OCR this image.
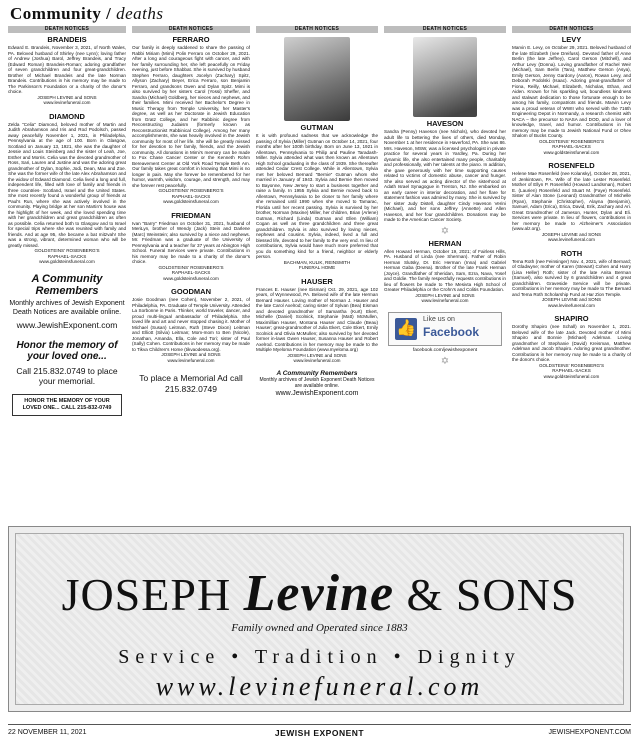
Community / deaths
DEATH NOTICES
BRANDEIS
Edward E. Brandeis, November 3, 2021, of North Wales, PA. Beloved husband of Shirley (nee Lynn); loving father of Andrew (Joshua) Barol, Jeffrey Brandeis, and Tracy (Edward Roman) Brandeis-Roman; adoring grandfather of seven grandchildren and four great-grandchildren. Brother of Michael Brandeis and the late Norman Brandeis. Contributions in his memory may be made to The Parkinson's Foundation or a charity of the donor's choice.
JOSEPH LEVINE and SONS
www.levinefuneral.com
DIAMOND
Zelda "Celia" Diamond, beloved mother of Martin and Judith Abrahamson and Iris and Rod Podolsch, passed away peacefully November 1, 2021, in Philadelphia, Pennsylvania at the age of 100. Born in Glasgow, Scotland on January 13, 1921, she was the daughter of Jessie and Louis Steinberg and the sister of Leah, Joe, Esther and Morris. Celia was the devoted grandmother of Ross, Sari, Lauren and Justine and was the adoring great grandmother of Dylan, Sophie, Jodi, Dean, Max and Zoe. She was the former wife of the late Alex Abrahamson and the widow of Edward Diamond. Celia lived a long and full, independent life, filled with love of family and friends in three countries- Scotland, Israel and the United States. She most recently found a wonderful group of friends at Paul's Run, where she was actively involved in the community. Playing bridge at her son Martin's house was the highlight of her week, and she loved spending time with her grandchildren and great grandchildren as often as possible. Celia returned both to Glasgow and to Israel for special trips where she was reunited with family and friends. And at age 95, she became a bat mitzvah! She was a strong, vibrant, determined woman who will be greatly missed.
GOLDSTEINS' ROSENBERG'S
RAPHAEL-SACKS
www.goldsteinsfuneral.com
A Community Remembers
Monthly archives of Jewish Exponent Death Notices are available online.
www.JewishExponent.com
Honor the memory of your loved one...
Call 215.832.0749 to place your memorial.
HONOR THE MEMORY OF YOUR LOVED ONE... CALL 215-832-0749
DEATH NOTICES
FERRARO
Our family is deeply saddened to share the passing of Rabbi Miriam (Mimi) Polin Ferraro on October 29, 2021. After a long and courageous fight with cancer, and with her family surrounding her, she left peacefully on Friday evening, just before Shabbat. She is survived by husband Stephen Ferraro, daughters Jocelyn (Zachary) Spitz, Allyson (Zachary) Beyer, Erica Ferraro, son Benjamin Ferraro, and grandsons Owen and Dylan Spitz. Mimi is also survived by her sisters Carol (Yossi) Sheffer, and Sandra (Michael) Goldberg, her nieces and nephews, and their families. Mimi received her Bachelor's Degree in Music Therapy from Temple University, her Master's degree, as well as her Doctorate in Jewish Education from Gratz College, and her Rabbinic degree from Reconstructing Judaism (formerly known as Reconstructionist Rabbinical College). Among her many accomplishments, she was heavily involved in the Jewish community for most of her life. She will be greatly missed for her devotion to her family, friends, and the Jewish community. All donations in Mimi's memory can be made to Fox Chase Cancer Center or the Kenneth Rohm Bereavement Center at Old York Road Temple Beth Am. Our family takes great comfort in knowing that Mimi is no longer in pain. May she forever be remembered for her humor, warmth, wisdom, courage, and strength, and may she forever rest peacefully.
GOLDSTEINS' ROSENBERG'S
RAPHAEL-SACKS
www.goldsteinsfuneral.com
FRIEDMAN
Ivan "Barry" Friedman on October 31, 2021, husband of MeriLyn, brother of Wendy (Jack) Stein and Darlene (Marc) Weinstein; also survived by a niece and nephews. Mr. Friedman was a graduate of the University of Pennsylvania and a teacher for 37 years at Abington High School. Funeral Services were private. Contributions in his memory may be made to a charity of the donor's choice.
GOLDSTEINS' ROSENBERG'S
RAPHAEL-SACKS
www.goldsteinsfuneral.com
GOODMAN
Josie Goodman (nee Cohen), November 2, 2021, of Philadelphia, PA. Graduate of Temple University. Attended La Sorbonne in Paris. Thinker, world traveler, dancer, and proud multi-lingual ambassador of Philadelphia. She loved life and art and never stopped chasing it. Mother of Michael (Susan) Leitman, Ruth (Steve Dixon) Leitman and Elliott (Silvia) Leitman; Mom-mom to Ben (Nicole), Jonathan, Amanda, Ella, Cole and Tori; sister of Paul (Sally) Cohen. Contributions in her memory may be made to Tikva Children's Home (tikvaodessa.org).
JOSEPH LEVINE and SONS
www.levinefuneral.com
To place a Memorial Ad call 215.832.0749
DEATH NOTICES
GUTMAN
It is with profound sadness that we acknowledge the passing of Sylvia (Miller) Gutman on October 14, 2021, four months after her 100th birthday. Born on June 13, 1921 in Allentown, Pennsylvania to Philip and Pauline Taradash-Miller. Sylvia attended what was then known as Allentown High School graduating in the class of 1939. She thereafter attended Cedar Crest College. While in Allentown, Sylvia met her beloved Bernard "Bernie" Gutman whom she married in January of 1943. Sylvia and Bernie then moved to Bayonne, New Jersey to start a business together and raise a family. In 1955 Sylvia and Bernie moved back to Allentown, Pennsylvania to be closer to her family where she remained until 1990 when she moved to Tamarac, Florida until her recent passing. Sylvia is survived by her brother, Norman (Maxine) Miller, her children, Brian (Arlene) Gutman, Richard (Linda) Gutman and Ellen (William) Cogan as well as three grandchildren and three great grandchildren. Sylvia is also survived by loving nieces, nephews and cousins. Sylvia, indeed, lived a full and blessed life, devoted to her family to the very end. In lieu of contributions, Sylvia would have much more preferred that you do something kind for a friend, neighbor or elderly person.
BACHMAN, KULIK, REINSMITH
FUNERAL HOME
HAUSER
Frances E. Hauser (nee Eisman) Oct. 29, 2021, age 102 years, of Wynnewood, PA. Beloved wife of the late Herman Bernard Hauser. Loving mother of Norman J. Hauser and the late Carol Axelrod; caring sister of Sylvan (Bea) Eisman and devoted grandmother of Samantha (Kurt) Ekert, Michelle (Daniel) Scolnick, Stephanie (Matt) McMullen, Maximillian Hauser, Montana Hauser and Claude (Beau) Hauser; great-grandmother of Julia Ekert, Cole Ekert, Emily Scolnick and Olivia McMullen; also survived by her devoted former in-laws Gwen Hauser, Susanna Hauser and Robert Axelrod. Contributions in her memory may be made to the Multiple Myeloma Foundation (www.myeloma.org)
JOSEPH LEVINE and SONS
www.levinefuneral.com
A Community Remembers
Monthly archives of Jewish Exponent Death Notices are available online.
www.JewishExponent.com
DEATH NOTICES
HAVESON
Sandra (Penny) Haveson (nee Nichols), who devoted her adult life to bettering the lives of others, died Monday, November 1 at her residence in Haverford, PA. She was 86. Mrs. Haveson, MSW, was a licensed psychologist in private practice for several years in Yardley, Pa. During her dynamic life, she also entertained many people, charitably and professionally, with her talents at the piano. In addition, she gave generously with her time supporting causes related to victims of domestic abuse, cancer and hunger. She also served as acting director of the sisterhood at Adath Israel Synagogue in Trenton, NJ. She embarked on an early career in interior decoration, and her flare for statement fashion was admired by many. She is survived by her sister Judy Distell, daughter Cindy Haveson Verini (Michael), and her sons Jeffrey (Annette) and Allen Haveson, and her four grandchildren. Donations may be made to the American Cancer Society.
✡
HERMAN
Allen Howard Herman, October 19, 2021; of Fairless Hills, PA. Husband of Linda (nee Sherman). Father of Robin Herman Slutsky, Dr. Eric Herman (Inna) and Gabriel Herman Gaba (Deena). Brother of the late Frank Herman (Joyce). Grandfather of Sheridan, Sam, Ezra, Nava, Yosef and Goldie. The family respectfully requests contributions in lieu of flowers be made to The Mesivta High School of Greater Philadelphia or the Crohn's and Colitis Foundation.
JOSEPH LEVINE and SONS
www.levinefuneral.com
👍
Like us on
Facebook
facebook.com/jewishexponent
✡
DEATH NOTICES
LEVY
Marvin E. Levy, on October 29, 2021. Beloved husband of the late Elizabeth (nee Dreifuss). Devoted father of Anne Berlin (the late Jeffrey), Carol Gerson (Mitchell), and Arthur Levy (Donna). Loving grandfather of Rachel Weir (Michael), Sam Berlin (Tara), Matthew Gerson (Asya), Emily Gerson, Jenny Gardony (Aaron), Rowan Levy, and Deborah Podolski (Isaac). Adoring great-grandfather of Fiona, Reilly, Michael, Elizabeth, Nicholas, Ethan, and Aiden. Known for his sparkling wit, boundless kindness and stalwart dedication to those fortunate enough to be among his family, compatriots and friends. Marvin Levy was a proud veteran of WWII who served with the 716th Engineering Depot in Normandy, a research chemist with NACA – the precursor to NASA and DOD, and a lover of knowledge, travel, and humor. Contributions in his memory may be made to Jewish National Fund or Ohev Shalom of Bucks County.
GOLDSTEINS' ROSENBERG'S
RAPHAEL-SACKS
www.goldsteinsfuneral.com
ROSENFELD
Helene Mae Rosenfeld (nee Kolansky), October 28, 2021, of Jenkintown, PA. Wife of the late Lester Rosenfeld. Mother of Ellyn P. Rosenfeld (Howard Landsman), Robert E. (Laurien) Rosenfeld and Stuart M. (Faye) Rosenfeld. Sister of Alan Stone (Leonard) Grandmother of Michelle (Ryan), Stephanie (Christopher), Alayna (Benjamin), Samuel, Adam (Erica), Erica, David, Erik, Zachary and Ari. Great Grandmother of Jameson, Hunter, Dylan and Eli. Services were private. In lieu of flowers, contributions in her memory be made to Alzheimer's Association (www.alz.org).
JOSEPH LEVINE and SONS
www.levinefuneral.com
ROTH
Tema Roth (nee Feinsinger) Nov. 4, 2021, wife of Bernard; of Gladwyne; mother of Karen (Stewart) Cohen and Harry (Lisa Heller) Roth; sister of the late Anita Berman (Samuel), also survived by 6 grandchildren and 4 great grandchildren. Graveside Service will be private. Contributions in her memory may be made to The Bernard and Tema Roth Scholarship Fund at Har Zion Temple.
JOSEPH LEVINE and SONS
www.levinefuneral.com
SHAPIRO
Dorothy Shapiro (nee Schall) on November 1, 2021. Beloved wife of the late Jack. Devoted mother of Mimi Shapiro and Bonnie (Michael) Adelman. Loving grandmother of Stephanie (David) Kreisman, Matthew Adelman and Jacob Shapiro. Adoring great grandmother. Contributions in her memory may be made to a charity of the donor's choice.
GOLDSTEINS' ROSENBERG'S
RAPHAEL-SACKS
www.goldsteinsfuneral.com
JOSEPH Levine & SONS
Family owned and Operated since 1883
Service • Tradition • Dignity
www.levinefuneral.com
22 NOVEMBER 11, 2021	JEWISH EXPONENT	JEWISHEXPONENT.COM
